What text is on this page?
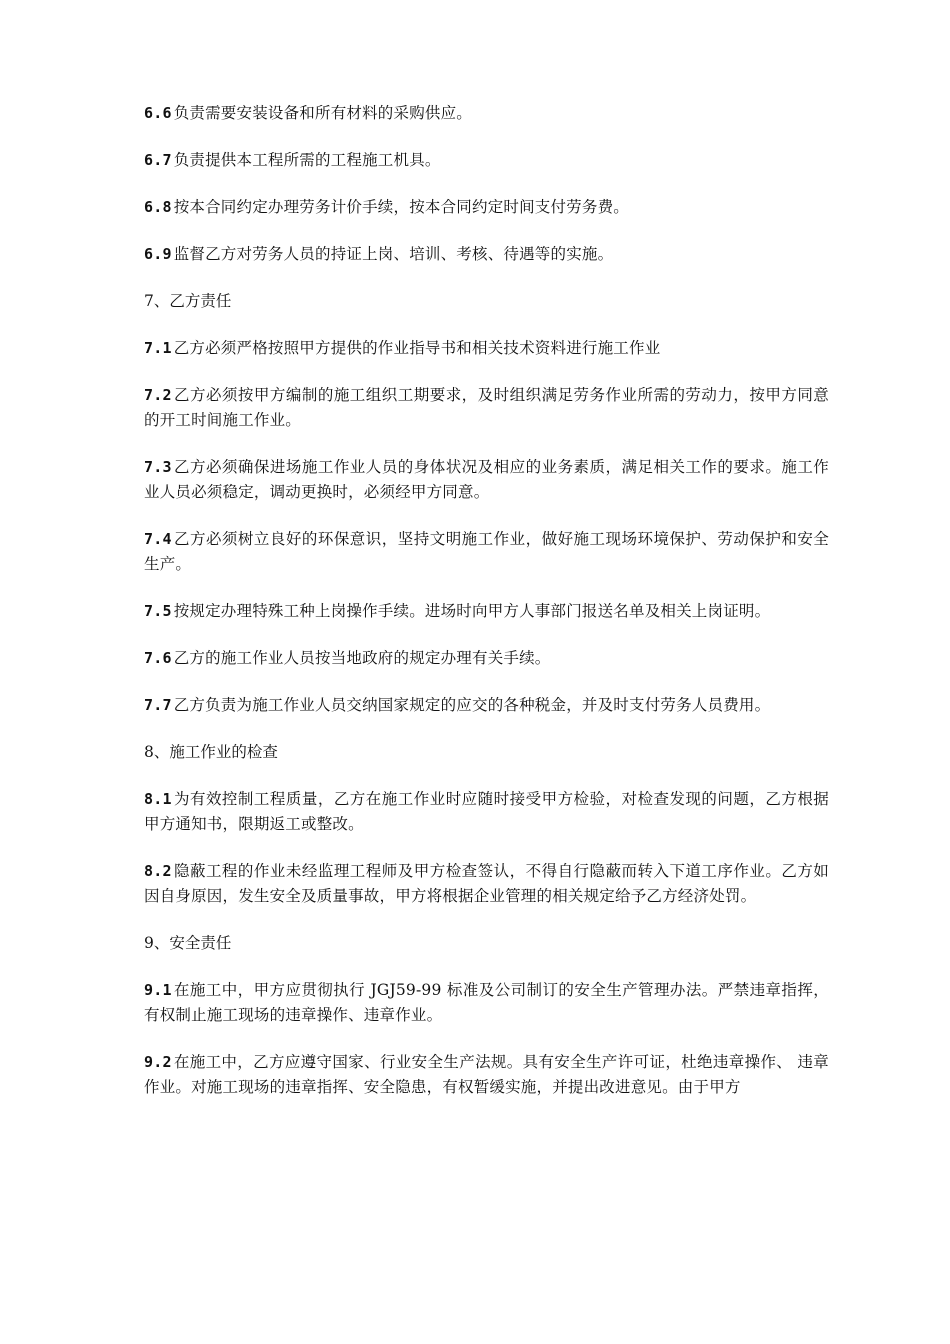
6.6 负责需要安装设备和所有材料的采购供应。

6.7 负责提供本工程所需的工程施工机具。

6.8 按本合同约定办理劳务计价手续，按本合同约定时间支付劳务费。

6.9 监督乙方对劳务人员的持证上岗、培训、考核、待遇等的实施。

7、乙方责任

7.1 乙方必须严格按照甲方提供的作业指导书和相关技术资料进行施工作业

7.2 乙方必须按甲方编制的施工组织工期要求，及时组织满足劳务作业所需的劳动力，按甲方同意的开工时间施工作业。

7.3 乙方必须确保进场施工作业人员的身体状况及相应的业务素质，满足相关工作的要求。施工作业人员必须稳定，调动更换时，必须经甲方同意。

7.4 乙方必须树立良好的环保意识，坚持文明施工作业，做好施工现场环境保护、劳动保护和安全生产。

7.5 按规定办理特殊工种上岗操作手续。进场时向甲方人事部门报送名单及相关上岗证明。

7.6 乙方的施工作业人员按当地政府的规定办理有关手续。

7.7 乙方负责为施工作业人员交纳国家规定的应交的各种税金，并及时支付劳务人员费用。

8、施工作业的检查

8.1 为有效控制工程质量，乙方在施工作业时应随时接受甲方检验，对检查发现的问题，乙方根据甲方通知书，限期返工或整改。

8.2 隐蔽工程的作业未经监理工程师及甲方检查签认，不得自行隐蔽而转入下道工序作业。乙方如因自身原因，发生安全及质量事故，甲方将根据企业管理的相关规定给予乙方经济处罚。

9、安全责任

9.1 在施工中，甲方应贯彻执行 JGJ59-99 标准及公司制订的安全生产管理办法。严禁违章指挥，有权制止施工现场的违章操作、违章作业。

9.2 在施工中，乙方应遵守国家、行业安全生产法规。具有安全生产许可证，杜绝违章操作、 违章作业。对施工现场的违章指挥、安全隐患，有权暂缓实施，并提出改进意见。由于甲方
